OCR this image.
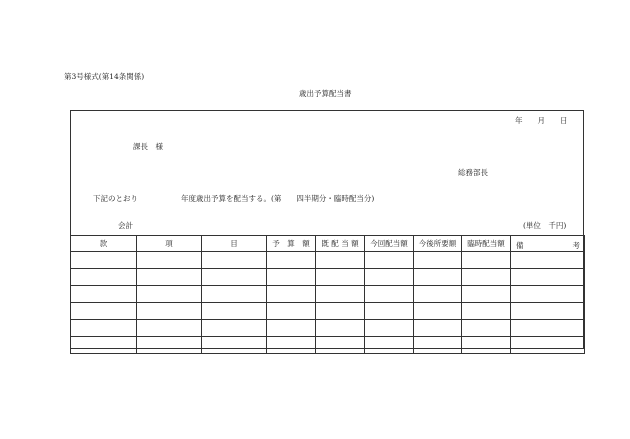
第3号様式(第14条関係)
歳出予算配当書
年　　月　　日
課長　様
総務部長
下記のとおり	年度歳出予算を配当する。(第　　四半期分・臨時配当分)
会計	(単位　千円)
款	項	目	予　算　額	既 配 当 額	今回配当額	今後所要額	臨時配当額	備 考
